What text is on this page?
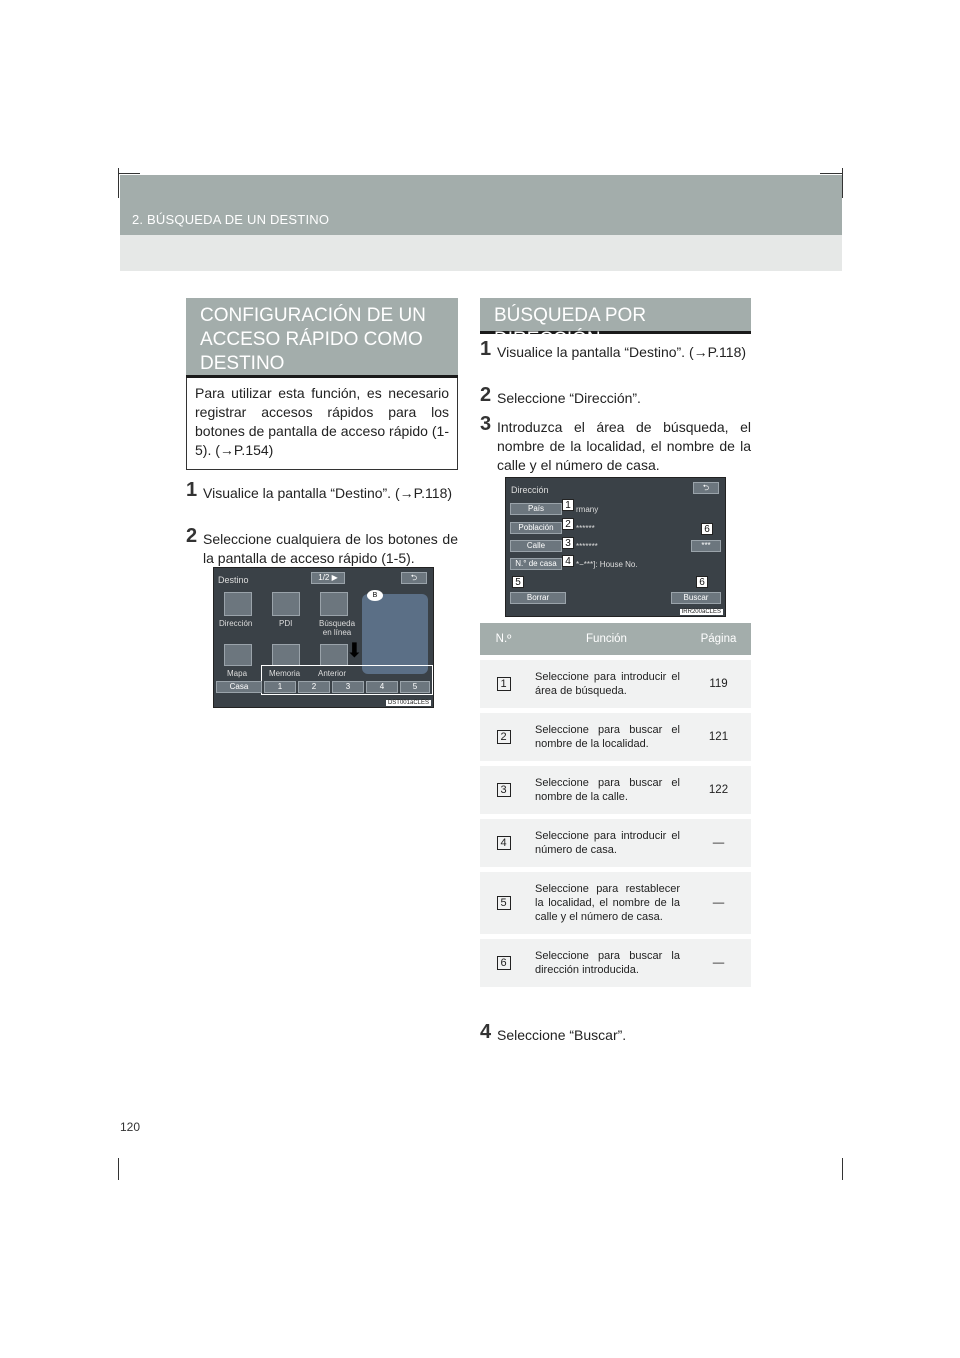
2. BÚSQUEDA DE UN DESTINO
CONFIGURACIÓN DE UN ACCESO RÁPIDO COMO DESTINO
Para utilizar esta función, es necesario registrar accesos rápidos para los botones de pantalla de acceso rápido (1-5). (→P.154)
1 Visualice la pantalla “Destino”. (→P.118)
2 Seleccione cualquiera de los botones de la pantalla de acceso rápido (1-5).
Destino	1/2 ▶	⮌
B
Dirección	PDI	Búsqueda en línea
Mapa	Memoria Anterior
⬇
Casa	1	2	3	4	5
DST001aCLES
BÚSQUEDA POR DIRECCIÓN
1 Visualice la pantalla “Destino”. (→P.118)
2 Seleccione “Dirección”.
3 Introduzca el área de búsqueda, el nombre de la localidad, el nombre de la calle y el número de casa.
Dirección	⮌
País	rmany
1
Población	******
2	6
Calle	*******
3	***
N.° de casa	*−***]: House No.
4
5	6
Borrar	Buscar
IRR200aCLES
N.º	Función	Página
1	Seleccione para introducir el área de búsqueda.	119
2	Seleccione para buscar el nombre de la localidad.	121
3	Seleccione para buscar el nombre de la calle.	122
4	Seleccione para introducir el número de casa.	—
5	Seleccione para restablecer la localidad, el nombre de la calle y el número de casa.	—
6	Seleccione para buscar la dirección introducida.	—
4 Seleccione “Buscar”.
120
